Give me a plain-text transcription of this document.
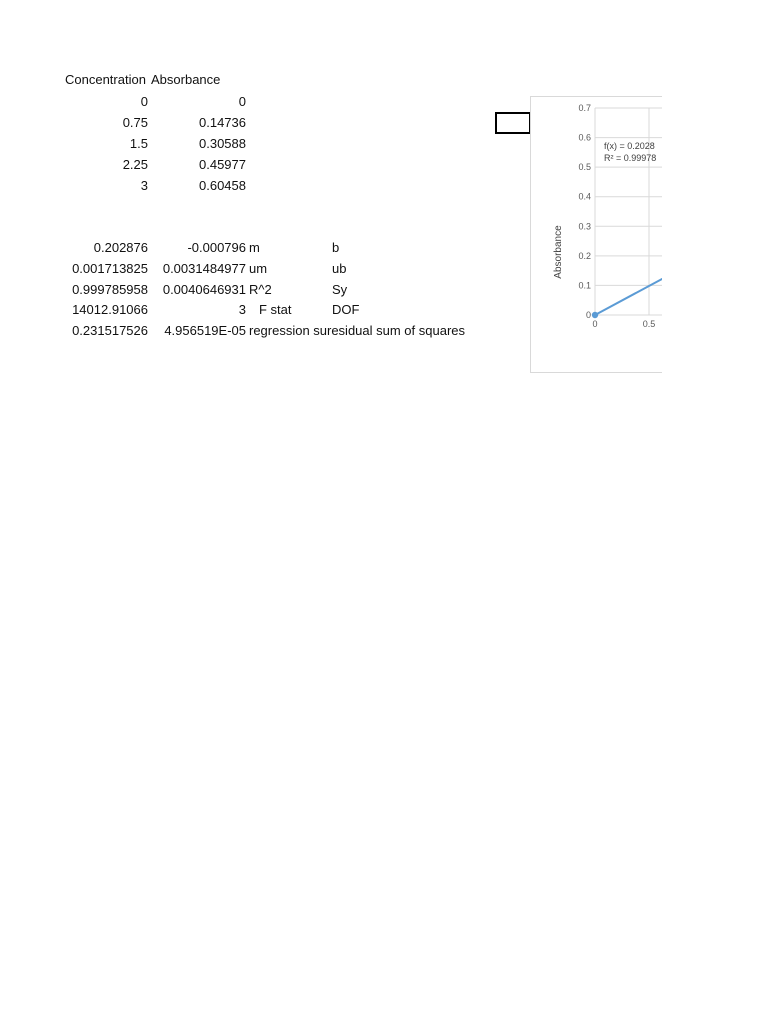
Concentration Absorbance
0	0
0.75	0.14736
1.5	0.30588
2.25	0.45977
3	0.60458
0.202876	-0.000796 m	b
0.001713825 0.0031484977 um	ub
0.999785958 0.0040646931 R^2	Sy
14012.91066	3 F stat	DOF
0.231517526 4.956519E-05 regression su residual sum of squares
0
0.1
0.2
0.3
0.4
0.5
0.6
0.7
0	0.5
Absorbance
f(x) = 0.2028
R² = 0.99978
